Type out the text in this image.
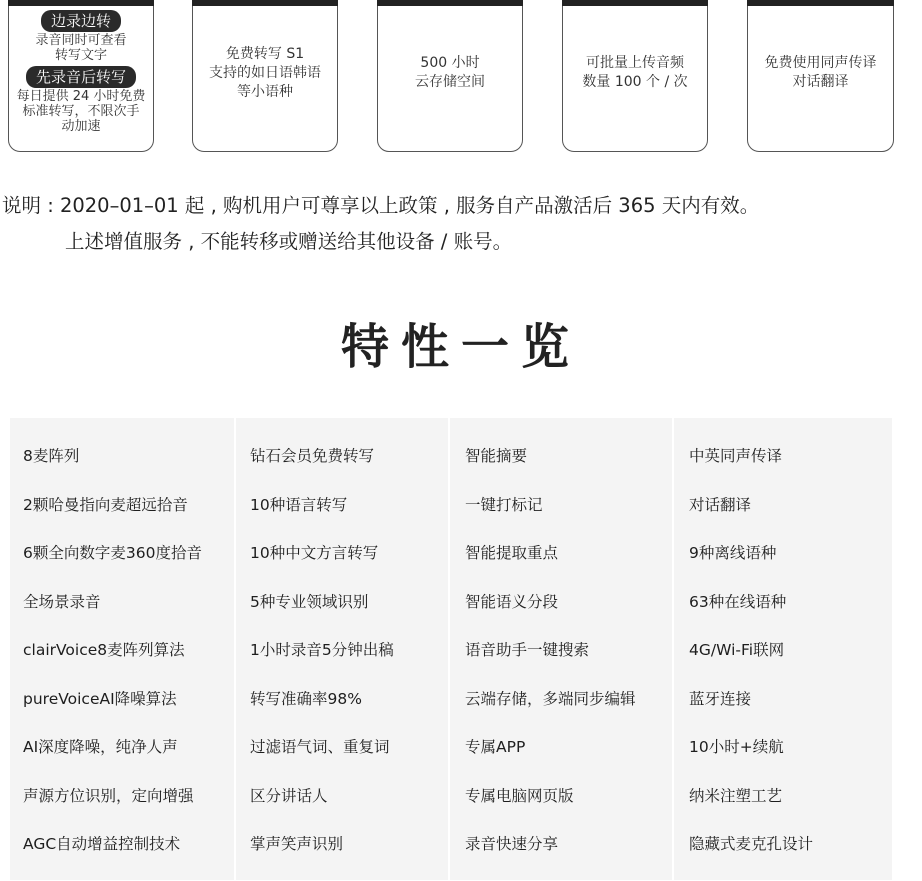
边录边转
录音同时可查看
转写文字
先录音后转写
每日提供 24 小时免费
标准转写，不限次手
动加速
免费转写 S1
支持的如日语韩语
等小语种
500 小时
云存储空间
可批量上传音频
数量 100 个 / 次
免费使用同声传译
对话翻译
说明 : 2020–01–01 起 , 购机用户可尊享以上政策 , 服务自产品激活后 365 天内有效。
上述增值服务 , 不能转移或赠送给其他设备 / 账号。
特性一览
8麦阵列
2颗哈曼指向麦超远拾音
6颗全向数字麦360度拾音
全场景录音
clairVoice8麦阵列算法
pureVoiceAI降噪算法
AI深度降噪，纯净人声
声源方位识别，定向增强
AGC自动增益控制技术
钻石会员免费转写
10种语言转写
10种中文方言转写
5种专业领域识别
1小时录音5分钟出稿
转写准确率98%
过滤语气词、重复词
区分讲话人
掌声笑声识别
智能摘要
一键打标记
智能提取重点
智能语义分段
语音助手一键搜索
云端存储，多端同步编辑
专属APP
专属电脑网页版
录音快速分享
中英同声传译
对话翻译
9种离线语种
63种在线语种
4G/Wi-Fi联网
蓝牙连接
10小时+续航
纳米注塑工艺
隐藏式麦克孔设计
